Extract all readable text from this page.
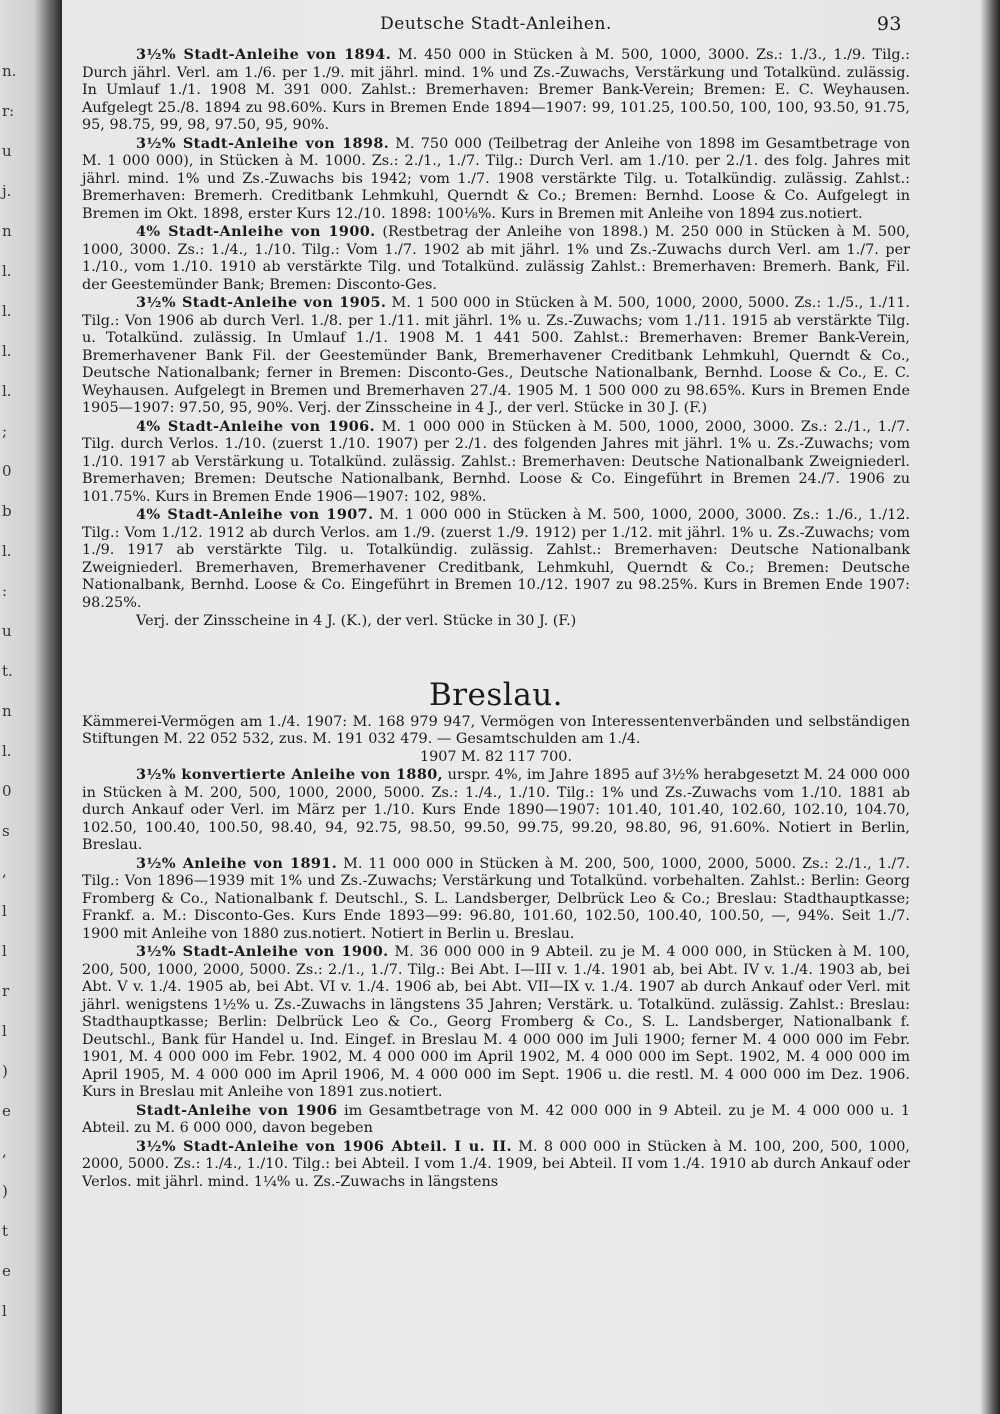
n.
r:
u
j.
n
l.
l.
l.
l.
;
0
b
l.
:
u
t.
n
l.
0
s
,
l
l
r
l
)
e
,
)
t
e
l
Deutsche Stadt-Anleihen.	93

3½% Stadt-Anleihe von 1894. M. 450 000 in Stücken à M. 500, 1000, 3000. Zs.: 1./3., 1./9. Tilg.: Durch jährl. Verl. am 1./6. per 1./9. mit jährl. mind. 1% und Zs.-Zuwachs, Verstärkung und Totalkünd. zulässig. In Umlauf 1./1. 1908 M. 391 000. Zahlst.: Bremerhaven: Bremer Bank-Verein; Bremen: E. C. Weyhausen. Aufgelegt 25./8. 1894 zu 98.60%. Kurs in Bremen Ende 1894—1907: 99, 101.25, 100.50, 100, 100, 93.50, 91.75, 95, 98.75, 99, 98, 97.50, 95, 90%.

3½% Stadt-Anleihe von 1898. M. 750 000 (Teilbetrag der Anleihe von 1898 im Gesamtbetrage von M. 1 000 000), in Stücken à M. 1000. Zs.: 2./1., 1./7. Tilg.: Durch Verl. am 1./10. per 2./1. des folg. Jahres mit jährl. mind. 1% und Zs.-Zuwachs bis 1942; vom 1./7. 1908 verstärkte Tilg. u. Totalkündig. zulässig. Zahlst.: Bremerhaven: Bremerh. Creditbank Lehmkuhl, Querndt & Co.; Bremen: Bernhd. Loose & Co. Aufgelegt in Bremen im Okt. 1898, erster Kurs 12./10. 1898: 100⅛%. Kurs in Bremen mit Anleihe von 1894 zus.notiert.

4% Stadt-Anleihe von 1900. (Restbetrag der Anleihe von 1898.) M. 250 000 in Stücken à M. 500, 1000, 3000. Zs.: 1./4., 1./10. Tilg.: Vom 1./7. 1902 ab mit jährl. 1% und Zs.-Zuwachs durch Verl. am 1./7. per 1./10., vom 1./10. 1910 ab verstärkte Tilg. und Totalkünd. zulässig Zahlst.: Bremerhaven: Bremerh. Bank, Fil. der Geestemünder Bank; Bremen: Disconto-Ges.

3½% Stadt-Anleihe von 1905. M. 1 500 000 in Stücken à M. 500, 1000, 2000, 5000. Zs.: 1./5., 1./11. Tilg.: Von 1906 ab durch Verl. 1./8. per 1./11. mit jährl. 1% u. Zs.-Zuwachs; vom 1./11. 1915 ab verstärkte Tilg. u. Totalkünd. zulässig. In Umlauf 1./1. 1908 M. 1 441 500. Zahlst.: Bremerhaven: Bremer Bank-Verein, Bremerhavener Bank Fil. der Geestemünder Bank, Bremerhavener Creditbank Lehmkuhl, Querndt & Co., Deutsche Nationalbank; ferner in Bremen: Disconto-Ges., Deutsche Nationalbank, Bernhd. Loose & Co., E. C. Weyhausen. Aufgelegt in Bremen und Bremerhaven 27./4. 1905 M. 1 500 000 zu 98.65%. Kurs in Bremen Ende 1905—1907: 97.50, 95, 90%. Verj. der Zinsscheine in 4 J., der verl. Stücke in 30 J. (F.)

4% Stadt-Anleihe von 1906. M. 1 000 000 in Stücken à M. 500, 1000, 2000, 3000. Zs.: 2./1., 1./7. Tilg. durch Verlos. 1./10. (zuerst 1./10. 1907) per 2./1. des folgenden Jahres mit jährl. 1% u. Zs.-Zuwachs; vom 1./10. 1917 ab Verstärkung u. Totalkünd. zulässig. Zahlst.: Bremerhaven: Deutsche Nationalbank Zweigniederl. Bremerhaven; Bremen: Deutsche Nationalbank, Bernhd. Loose & Co. Eingeführt in Bremen 24./7. 1906 zu 101.75%. Kurs in Bremen Ende 1906—1907: 102, 98%.

4% Stadt-Anleihe von 1907. M. 1 000 000 in Stücken à M. 500, 1000, 2000, 3000. Zs.: 1./6., 1./12. Tilg.: Vom 1./12. 1912 ab durch Verlos. am 1./9. (zuerst 1./9. 1912) per 1./12. mit jährl. 1% u. Zs.-Zuwachs; vom 1./9. 1917 ab verstärkte Tilg. u. Totalkündig. zulässig. Zahlst.: Bremerhaven: Deutsche Nationalbank Zweigniederl. Bremerhaven, Bremerhavener Creditbank, Lehmkuhl, Querndt & Co.; Bremen: Deutsche Nationalbank, Bernhd. Loose & Co. Eingeführt in Bremen 10./12. 1907 zu 98.25%. Kurs in Bremen Ende 1907: 98.25%.

Verj. der Zinsscheine in 4 J. (K.), der verl. Stücke in 30 J. (F.)

Breslau.

Kämmerei-Vermögen am 1./4. 1907: M. 168 979 947, Vermögen von Interessentenverbänden und selbständigen Stiftungen M. 22 052 532, zus. M. 191 032 479. — Gesamtschulden am 1./4.
1907 M. 82 117 700.

3½% konvertierte Anleihe von 1880, urspr. 4%, im Jahre 1895 auf 3½% herabgesetzt M. 24 000 000 in Stücken à M. 200, 500, 1000, 2000, 5000. Zs.: 1./4., 1./10. Tilg.: 1% und Zs.-Zuwachs vom 1./10. 1881 ab durch Ankauf oder Verl. im März per 1./10. Kurs Ende 1890—1907: 101.40, 101.40, 102.60, 102.10, 104.70, 102.50, 100.40, 100.50, 98.40, 94, 92.75, 98.50, 99.50, 99.75, 99.20, 98.80, 96, 91.60%. Notiert in Berlin, Breslau.

3½% Anleihe von 1891. M. 11 000 000 in Stücken à M. 200, 500, 1000, 2000, 5000. Zs.: 2./1., 1./7. Tilg.: Von 1896—1939 mit 1% und Zs.-Zuwachs; Verstärkung und Totalkünd. vorbehalten. Zahlst.: Berlin: Georg Fromberg & Co., Nationalbank f. Deutschl., S. L. Landsberger, Delbrück Leo & Co.; Breslau: Stadthauptkasse; Frankf. a. M.: Disconto-Ges. Kurs Ende 1893—99: 96.80, 101.60, 102.50, 100.40, 100.50, —, 94%. Seit 1./7. 1900 mit Anleihe von 1880 zus.notiert. Notiert in Berlin u. Breslau.

3½% Stadt-Anleihe von 1900. M. 36 000 000 in 9 Abteil. zu je M. 4 000 000, in Stücken à M. 100, 200, 500, 1000, 2000, 5000. Zs.: 2./1., 1./7. Tilg.: Bei Abt. I—III v. 1./4. 1901 ab, bei Abt. IV v. 1./4. 1903 ab, bei Abt. V v. 1./4. 1905 ab, bei Abt. VI v. 1./4. 1906 ab, bei Abt. VII—IX v. 1./4. 1907 ab durch Ankauf oder Verl. mit jährl. wenigstens 1½% u. Zs.-Zuwachs in längstens 35 Jahren; Verstärk. u. Totalkünd. zulässig. Zahlst.: Breslau: Stadthauptkasse; Berlin: Delbrück Leo & Co., Georg Fromberg & Co., S. L. Landsberger, Nationalbank f. Deutschl., Bank für Handel u. Ind. Eingef. in Breslau M. 4 000 000 im Juli 1900; ferner M. 4 000 000 im Febr. 1901, M. 4 000 000 im Febr. 1902, M. 4 000 000 im April 1902, M. 4 000 000 im Sept. 1902, M. 4 000 000 im April 1905, M. 4 000 000 im April 1906, M. 4 000 000 im Sept. 1906 u. die restl. M. 4 000 000 im Dez. 1906. Kurs in Breslau mit Anleihe von 1891 zus.notiert.

Stadt-Anleihe von 1906 im Gesamtbetrage von M. 42 000 000 in 9 Abteil. zu je M. 4 000 000 u. 1 Abteil. zu M. 6 000 000, davon begeben

3½% Stadt-Anleihe von 1906 Abteil. I u. II. M. 8 000 000 in Stücken à M. 100, 200, 500, 1000, 2000, 5000. Zs.: 1./4., 1./10. Tilg.: bei Abteil. I vom 1./4. 1909, bei Abteil. II vom 1./4. 1910 ab durch Ankauf oder Verlos. mit jährl. mind. 1¼% u. Zs.-Zuwachs in längstens
